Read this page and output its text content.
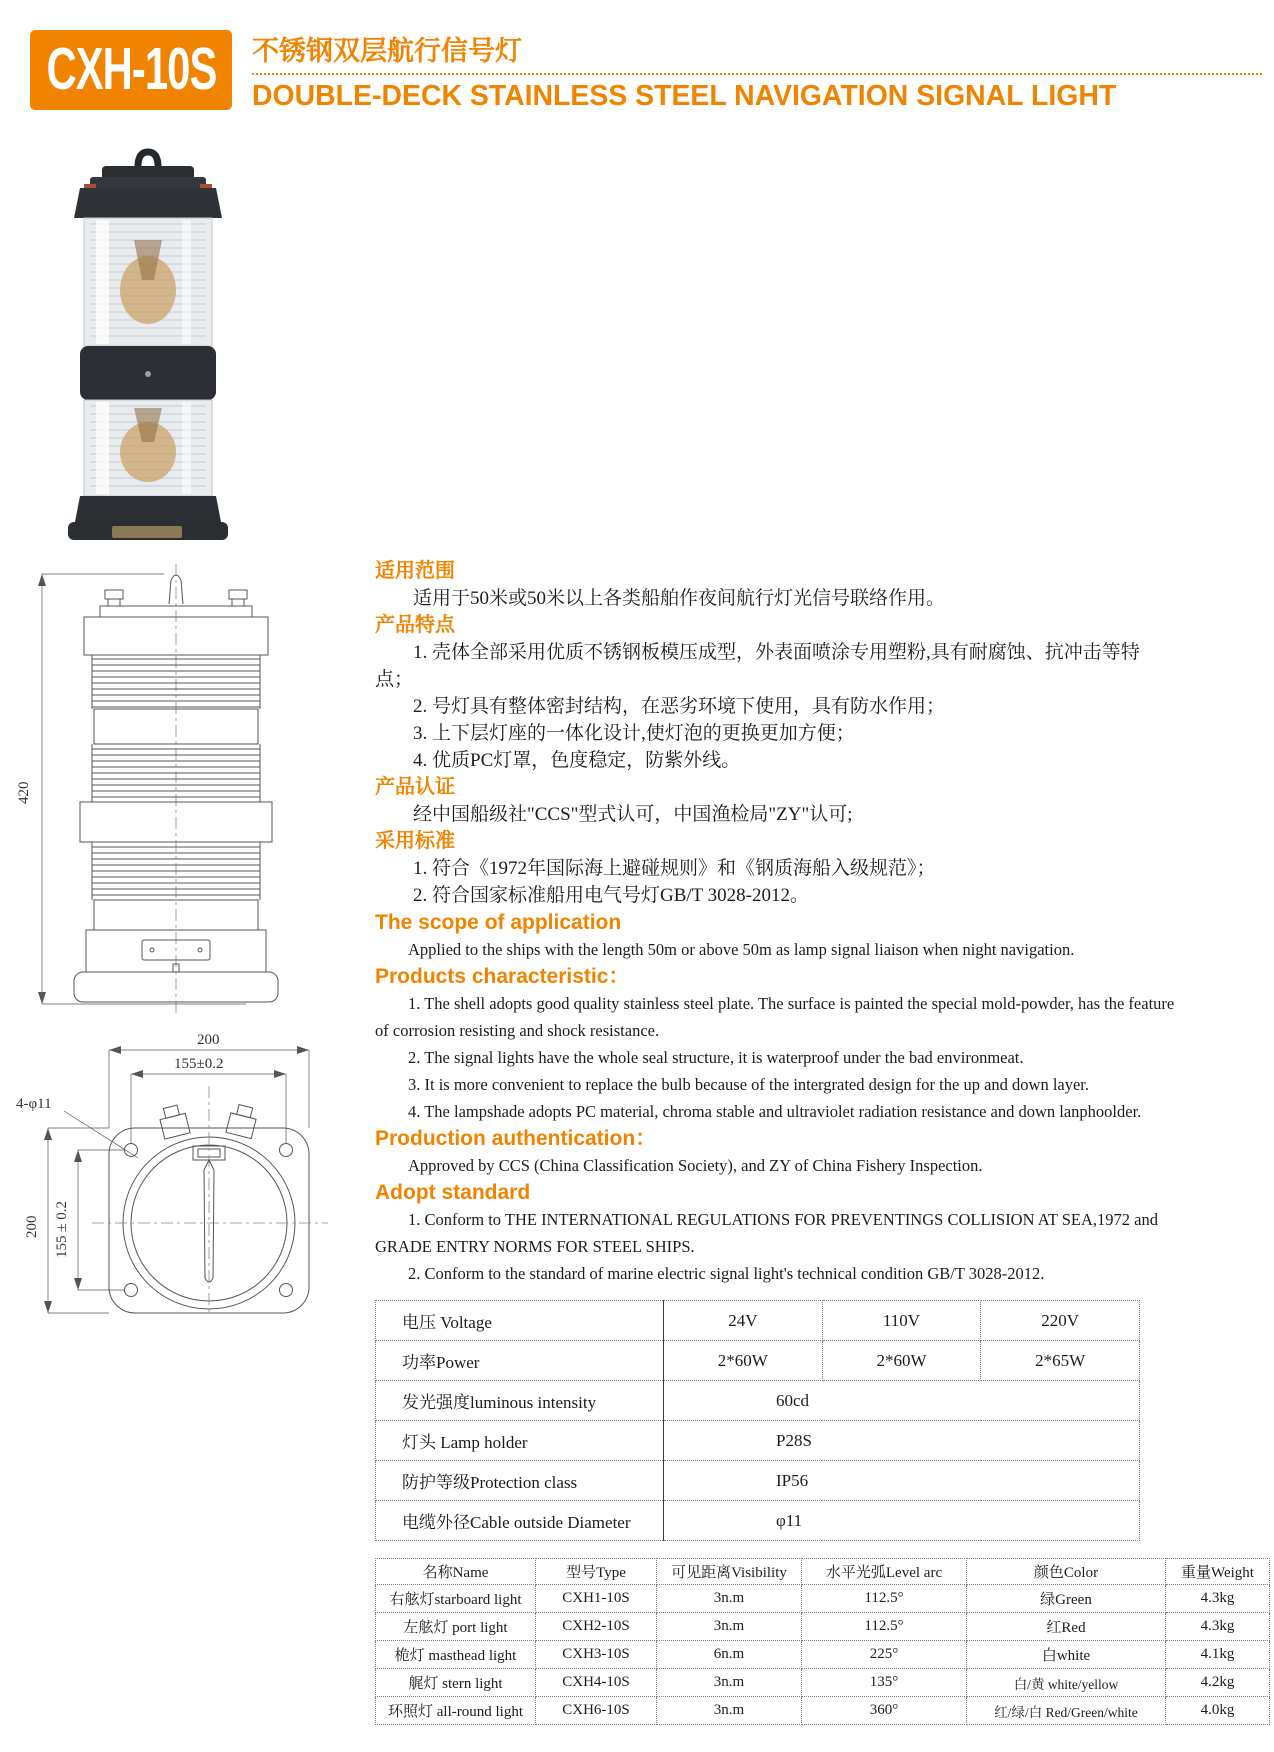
CXH-10S 不锈钢双层航行信号灯
DOUBLE-DECK STAINLESS STEEL NAVIGATION SIGNAL LIGHT
420
200
155±0.2
4-φ11
200 155 ± 0.2
适用范围

适用于50米或50米以上各类船舶作夜间航行灯光信号联络作用。

产品特点

1. 壳体全部采用优质不锈钢板模压成型，外表面喷涂专用塑粉,具有耐腐蚀、抗冲击等特点；

2. 号灯具有整体密封结构，在恶劣环境下使用，具有防水作用；

3. 上下层灯座的一体化设计,使灯泡的更换更加方便；

4. 优质PC灯罩，色度稳定，防紫外线。

产品认证

经中国船级社"CCS"型式认可，中国渔检局"ZY"认可;

采用标准

1. 符合《1972年国际海上避碰规则》和《钢质海船入级规范》；

2. 符合国家标准船用电气号灯GB/T 3028-2012。

The scope of application

Applied to the ships with the length 50m or above 50m as lamp signal liaison when night navigation.

Products characteristic：

1. The shell adopts good quality stainless steel plate. The surface is painted the special mold-powder, has the feature of corrosion resisting and shock resistance.

2. The signal lights have the whole seal structure, it is waterproof under the bad environmeat.

3. It is more convenient to replace the bulb because of the intergrated design for the up and down layer.

4. The lampshade adopts PC material, chroma stable and ultraviolet radiation resistance and down lanphoolder.

Production authentication：

Approved by CCS (China Classification Society), and ZY of China Fishery Inspection.

Adopt standard

1. Conform to THE INTERNATIONAL REGULATIONS FOR PREVENTINGS COLLISION AT SEA,1972 and GRADE ENTRY NORMS FOR STEEL SHIPS.

2. Conform to the standard of marine electric signal light's technical condition GB/T 3028-2012.

电压 Voltage	24V	110V	220V
功率Power	2*60W	2*60W	2*65W
发光强度luminous intensity	60cd		
灯头 Lamp holder	P28S		
防护等级Protection class	IP56		
电缆外径Cable outside Diameter	φ11		
名称Name	型号Type	可见距离Visibility	水平光弧Level arc	颜色Color	重量Weight
右舷灯starboard light	CXH1-10S	3n.m	112.5°	绿Green	4.3kg
左舷灯 port light	CXH2-10S	3n.m	112.5°	红Red	4.3kg
桅灯 masthead light	CXH3-10S	6n.m	225°	白white	4.1kg
艉灯 stern light	CXH4-10S	3n.m	135°	白/黄 white/yellow	4.2kg
环照灯 all-round light	CXH6-10S	3n.m	360°	红/绿/白 Red/Green/white	4.0kg
